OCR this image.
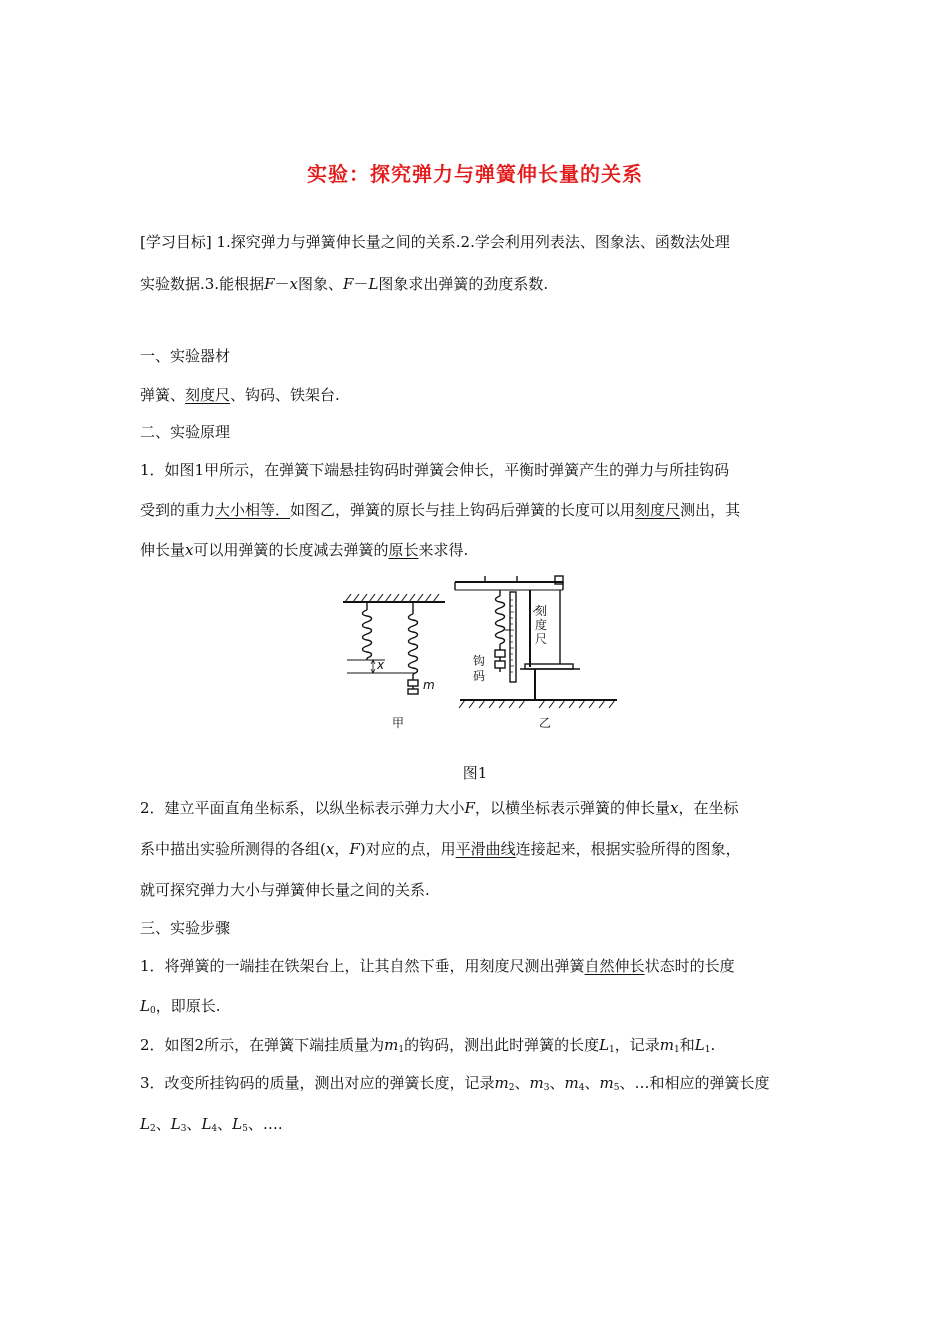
实验：探究弹力与弹簧伸长量的关系
[学习目标] 1.探究弹力与弹簧伸长量之间的关系.2.学会利用列表法、图象法、函数法处理
实验数据.3.能根据F－x图象、F－L图象求出弹簧的劲度系数.
一、实验器材
弹簧、刻度尺、钩码、铁架台.
二、实验原理
1．如图1甲所示，在弹簧下端悬挂钩码时弹簧会伸长，平衡时弹簧产生的弹力与所挂钩码
受到的重力大小相等．如图乙，弹簧的原长与挂上钩码后弹簧的长度可以用刻度尺测出，其
伸长量x可以用弹簧的长度减去弹簧的原长来求得.
x
m
刻
度
尺
钩
码
甲	乙
图1
2．建立平面直角坐标系，以纵坐标表示弹力大小F，以横坐标表示弹簧的伸长量x，在坐标
系中描出实验所测得的各组(x，F)对应的点，用平滑曲线连接起来，根据实验所得的图象，
就可探究弹力大小与弹簧伸长量之间的关系.
三、实验步骤
1．将弹簧的一端挂在铁架台上，让其自然下垂，用刻度尺测出弹簧自然伸长状态时的长度
$L_0$，即原长.
2．如图2所示，在弹簧下端挂质量为$m_1$的钩码，测出此时弹簧的长度$L_1$，记录$m_1$和$L_1$.
3．改变所挂钩码的质量，测出对应的弹簧长度，记录$m_2$、$m_3$、$m_4$、$m_5$、…和相应的弹簧长度
$L_2$、$L_3$、$L_4$、$L_5$、….
